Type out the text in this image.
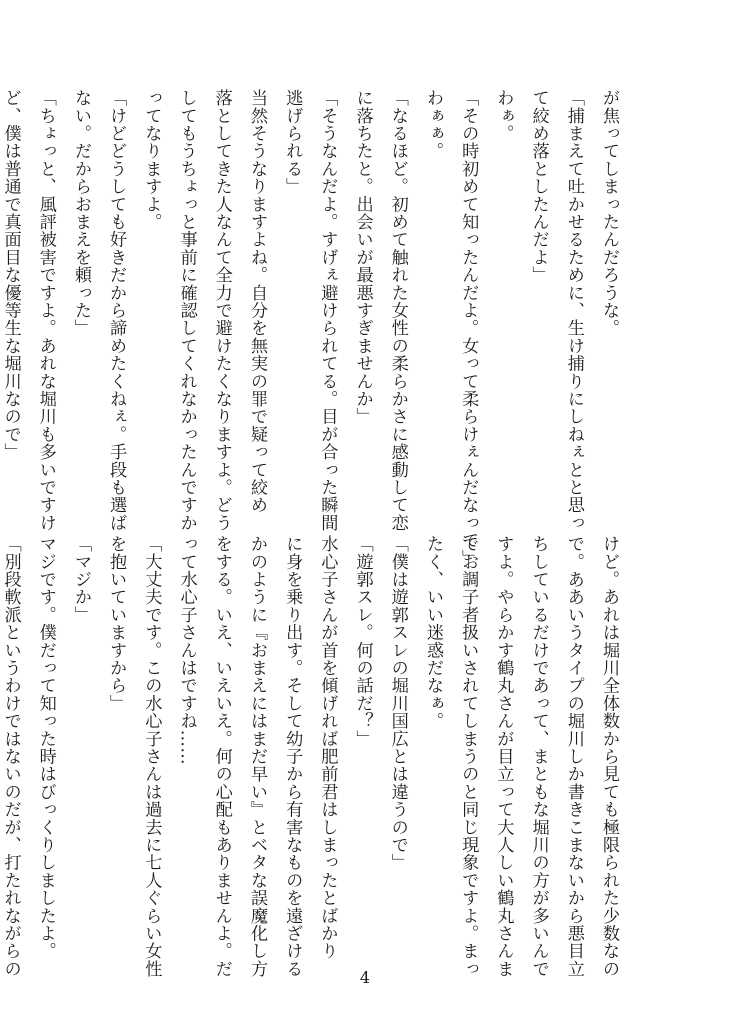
が焦ってしまったんだろうな。
「捕まえて吐かせるために、生け捕りにしねぇとと思っ
て絞め落としたんだよ」
わぁ。
「その時初めて知ったんだよ。女って柔らけぇんだなって」
わぁぁ。
「なるほど。初めて触れた女性の柔らかさに感動して恋
に落ちたと。出会いが最悪すぎませんか」
「そうなんだよ。すげぇ避けられてる。目が合った瞬間
逃げられる」
当然そうなりますよね。自分を無実の罪で疑って絞め
落としてきた人なんて全力で避けたくなりますよ。どう
してもうちょっと事前に確認してくれなかったんですか
ってなりますよ。
「けどどうしても好きだから諦めたくねぇ。手段も選ば
ない。だからおまえを頼った」
「ちょっと、風評被害ですよ。あれな堀川も多いですけ
ど、僕は普通で真面目な優等生な堀川なので」
けど。あれは堀川全体数から見ても極限られた少数なの
で。ああいうタイプの堀川しか書きこまないから悪目立
ちしているだけであって、まともな堀川の方が多いんで
すよ。やらかす鶴丸さんが目立って大人しい鶴丸さんま
でお調子者扱いされてしまうのと同じ現象ですよ。まっ
たく、いい迷惑だなぁ。
「僕は遊郭スレの堀川国広とは違うので」
「遊郭スレ。何の話だ？」
水心子さんが首を傾げれば肥前君はしまったとばかり
に身を乗り出す。そして幼子から有害なものを遠ざける
かのように『おまえにはまだ早い』とベタな誤魔化し方
をする。いえ、いえいえ。何の心配もありませんよ。だ
って水心子さんはですね……
「大丈夫です。この水心子さんは過去に七人ぐらい女性
を抱いていますから」
「マジか」
マジです。僕だって知った時はびっくりしましたよ。
「別段軟派というわけではないのだが、打たれながらの	4
